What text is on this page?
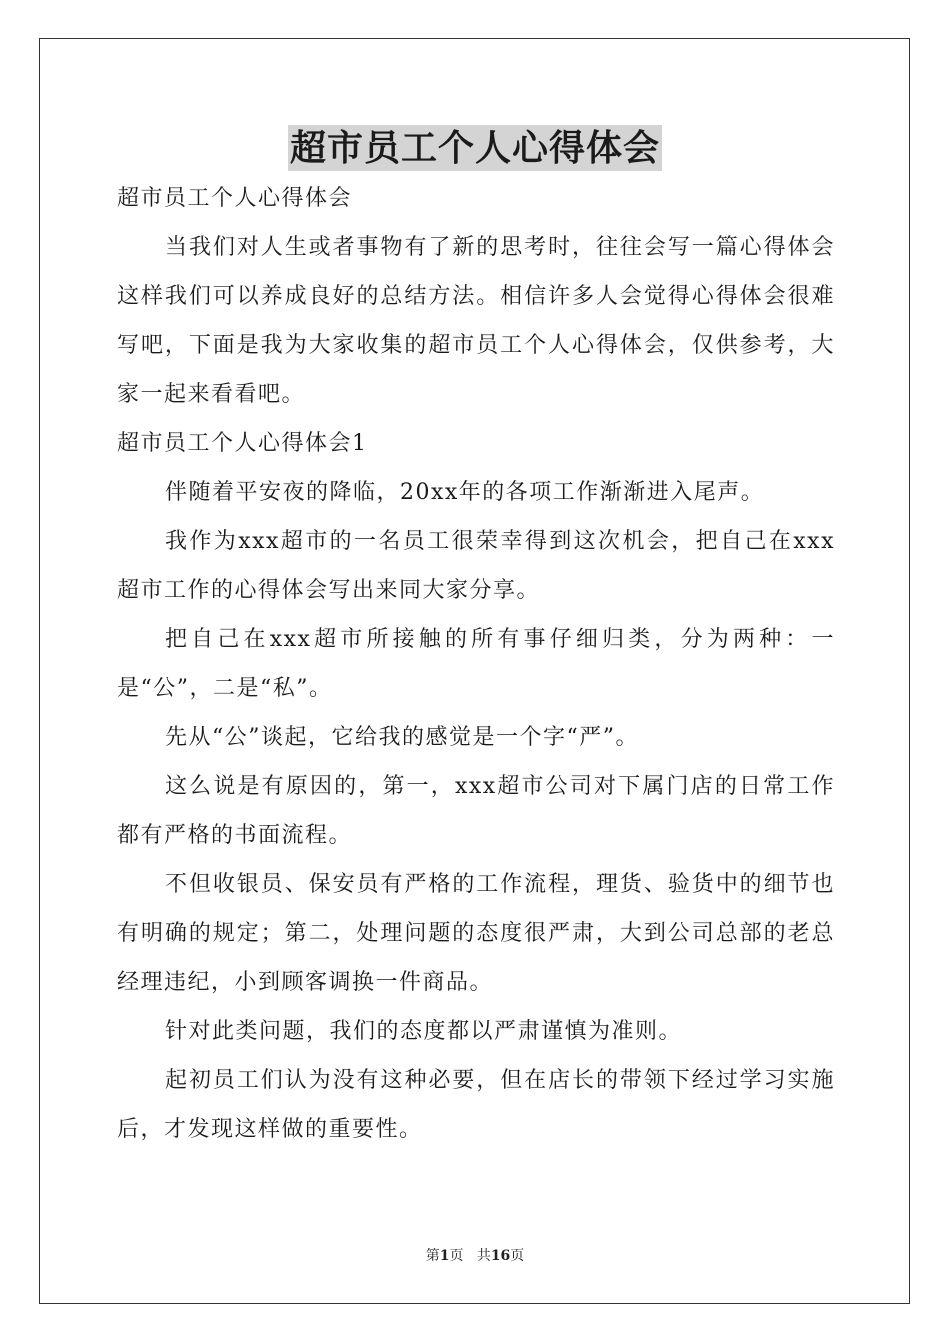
超市员工个人心得体会

超市员工个人心得体会

当我们对人生或者事物有了新的思考时，往往会写一篇心得体会这样我们可以养成良好的总结方法。相信许多人会觉得心得体会很难写吧，下面是我为大家收集的超市员工个人心得体会，仅供参考，大家一起来看看吧。

超市员工个人心得体会1

伴随着平安夜的降临，20xx年的各项工作渐渐进入尾声。

我作为xxx超市的一名员工很荣幸得到这次机会，把自己在xxx超市工作的心得体会写出来同大家分享。

把自己在xxx超市所接触的所有事仔细归类，分为两种：一是“公”，二是“私”。

先从“公”谈起，它给我的感觉是一个字“严”。

这么说是有原因的，第一，xxx超市公司对下属门店的日常工作都有严格的书面流程。

不但收银员、保安员有严格的工作流程，理货、验货中的细节也有明确的规定；第二，处理问题的态度很严肃，大到公司总部的老总经理违纪，小到顾客调换一件商品。

针对此类问题，我们的态度都以严肃谨慎为准则。

起初员工们认为没有这种必要，但在店长的带领下经过学习实施后，才发现这样做的重要性。

第1页 共16页
